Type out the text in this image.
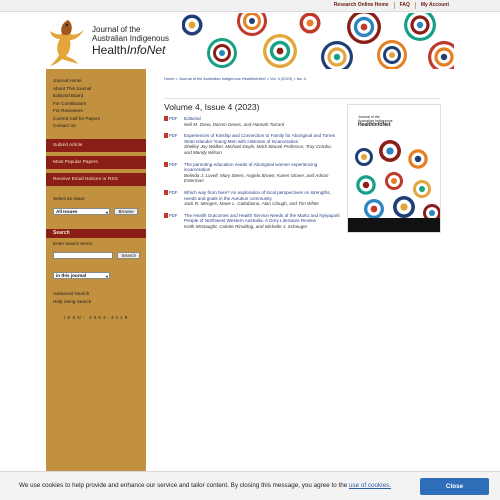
Research Online Home	FAQ	My Account
Journal of the
Australian Indigenous
HealthInfoNet
Journal Home
About This Journal
Editorial Board
For Contributors
For Reviewers
Current Call for Papers
Contact Us
Submit Article
Most Popular Papers
Receive Email Notices or RSS
Select an issue:
All Issues	▾ Browse
Search
Enter search terms:
Search
in this journal	▾
Advanced Search
Help Using Search
ISSN: 2653-3219
Home > Journal of the Australian Indigenous HealthInfoNet > Vol. 4 (2023) > Iss. 4
Volume 4, Issue 4 (2023)
PDF Editorial
Neil M. Drew, Darren Deves, and Hannah Tarrant
PDF Experiences of Kinship and Connection to Family for Aboriginal and Torres Strait Islander Young Men with Histories of Incarceration
Shelley Joy Walker, Michael Doyle, Mark Stoové Professor, Troy Combo, and Mandy Wilson
PDF The parenting education needs of Aboriginal women experiencing incarceration
Belinda J. Lovell, Mary Steen, Angela Brown, Karen Glover, and Adrian Esterman
PDF Which way from here? An exploration of local perspectives on strengths, needs and goals in the Aurukun community
Jack R. Menges, Marie L. Caltabiano, Alan Clough, and Tim White
PDF The Health Outcomes and Health Service Needs of the Martu and Nyiyaparli People of Northwest Western Australia: A Grey Literature Review
Keith McNaught, Colette Rinoldog, and Michelle J. Scheuger
Journal of the
Australian Indigenous
HealthInfoNet
We use cookies to help provide and enhance our service and tailor content. By closing this message, you agree to the use of cookies.	Close
